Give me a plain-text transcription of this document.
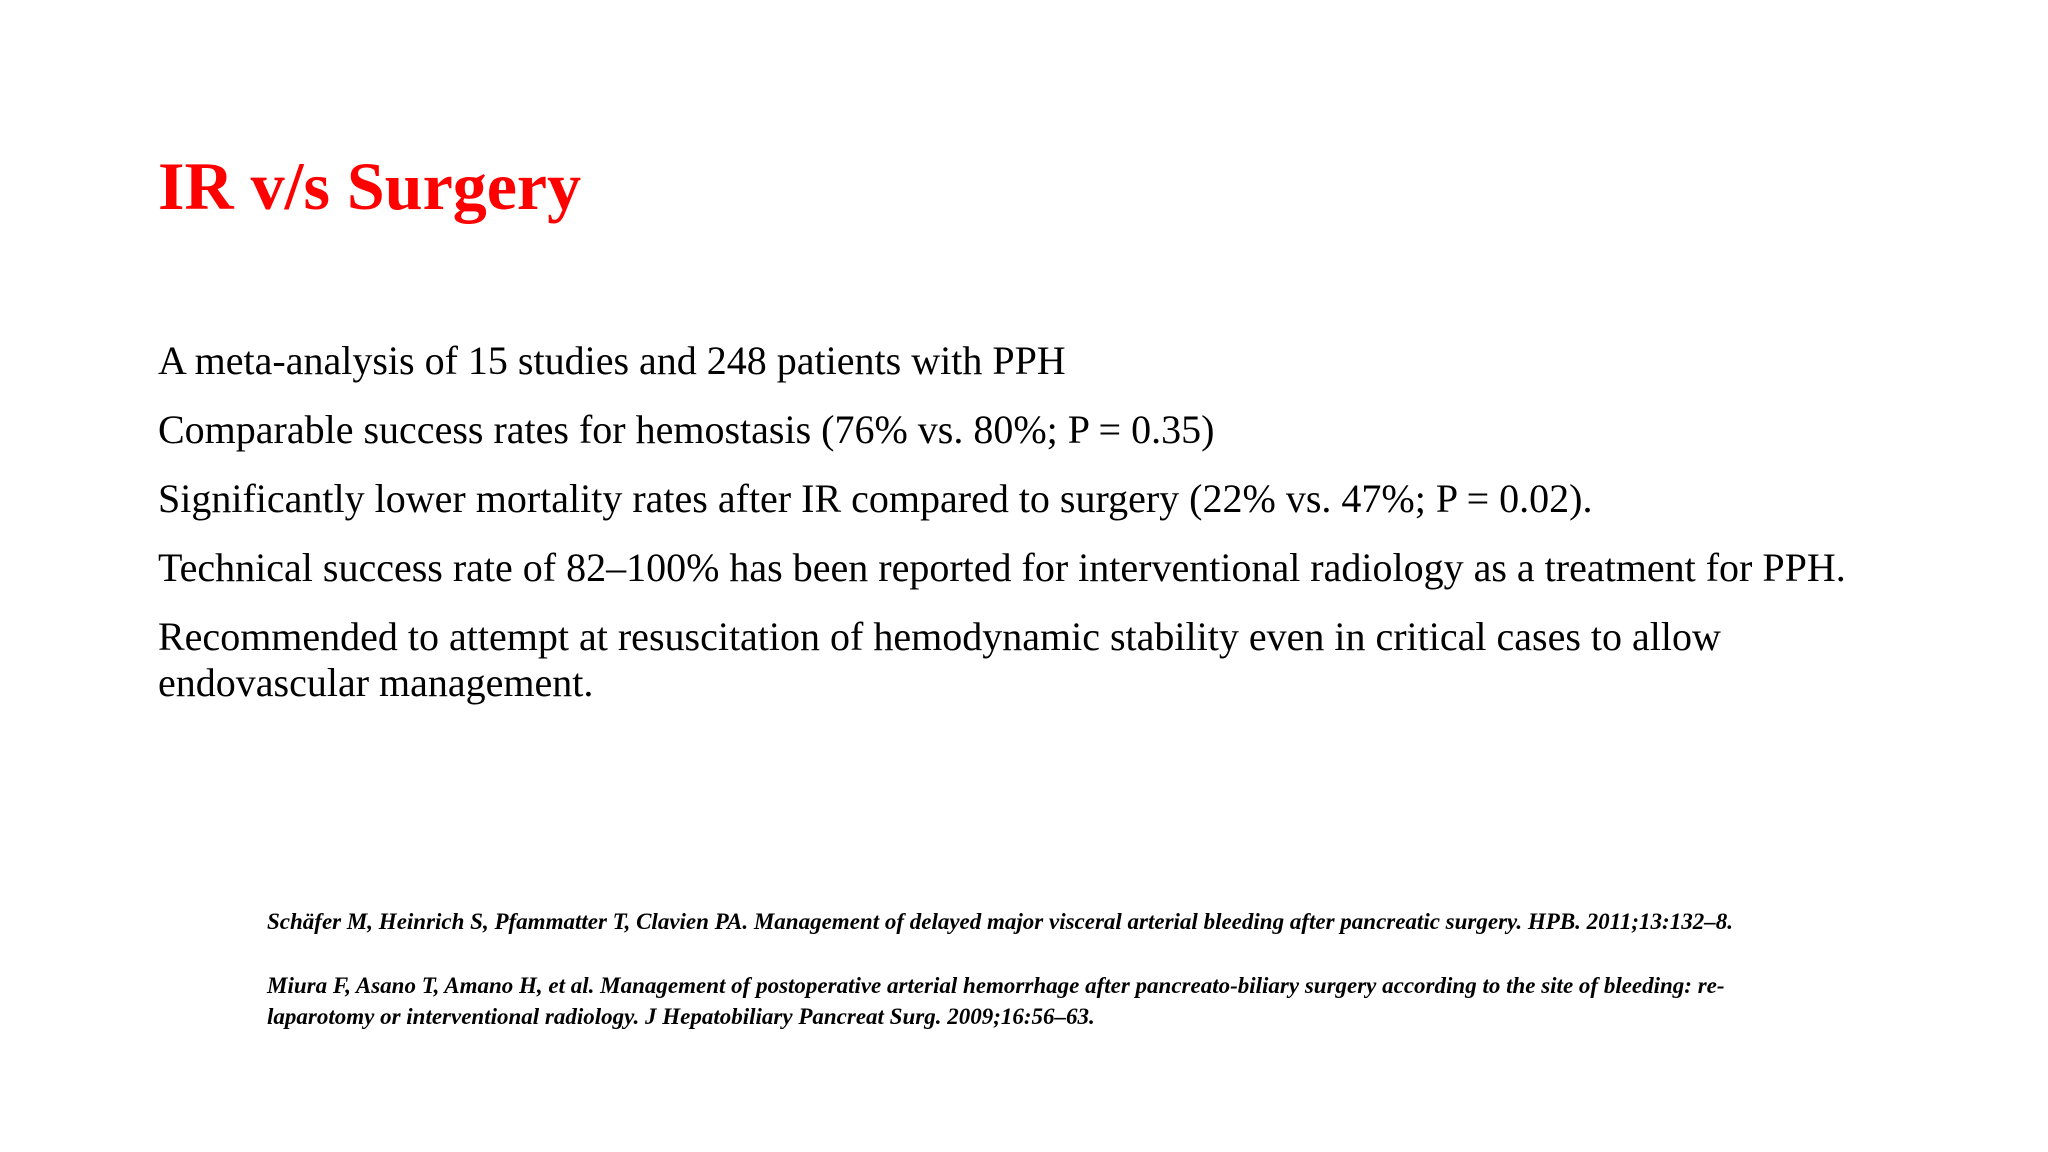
IR v/s Surgery
A meta-analysis of 15 studies and 248 patients with PPH
Comparable success rates for hemostasis (76% vs. 80%; P = 0.35)
Significantly lower mortality rates after IR compared to surgery (22% vs. 47%; P = 0.02).
Technical success rate of 82–100% has been reported for interventional radiology as a treatment for PPH.
Recommended to attempt at resuscitation of hemodynamic stability even in critical cases to allow endovascular management.

Schäfer M, Heinrich S, Pfammatter T, Clavien PA. Management of delayed major visceral arterial bleeding after pancreatic surgery. HPB. 2011;13:132–8.

Miura F, Asano T, Amano H, et al. Management of postoperative arterial hemorrhage after pancreato-biliary surgery according to the site of bleeding: re-laparotomy or interventional radiology. J Hepatobiliary Pancreat Surg. 2009;16:56–63.
